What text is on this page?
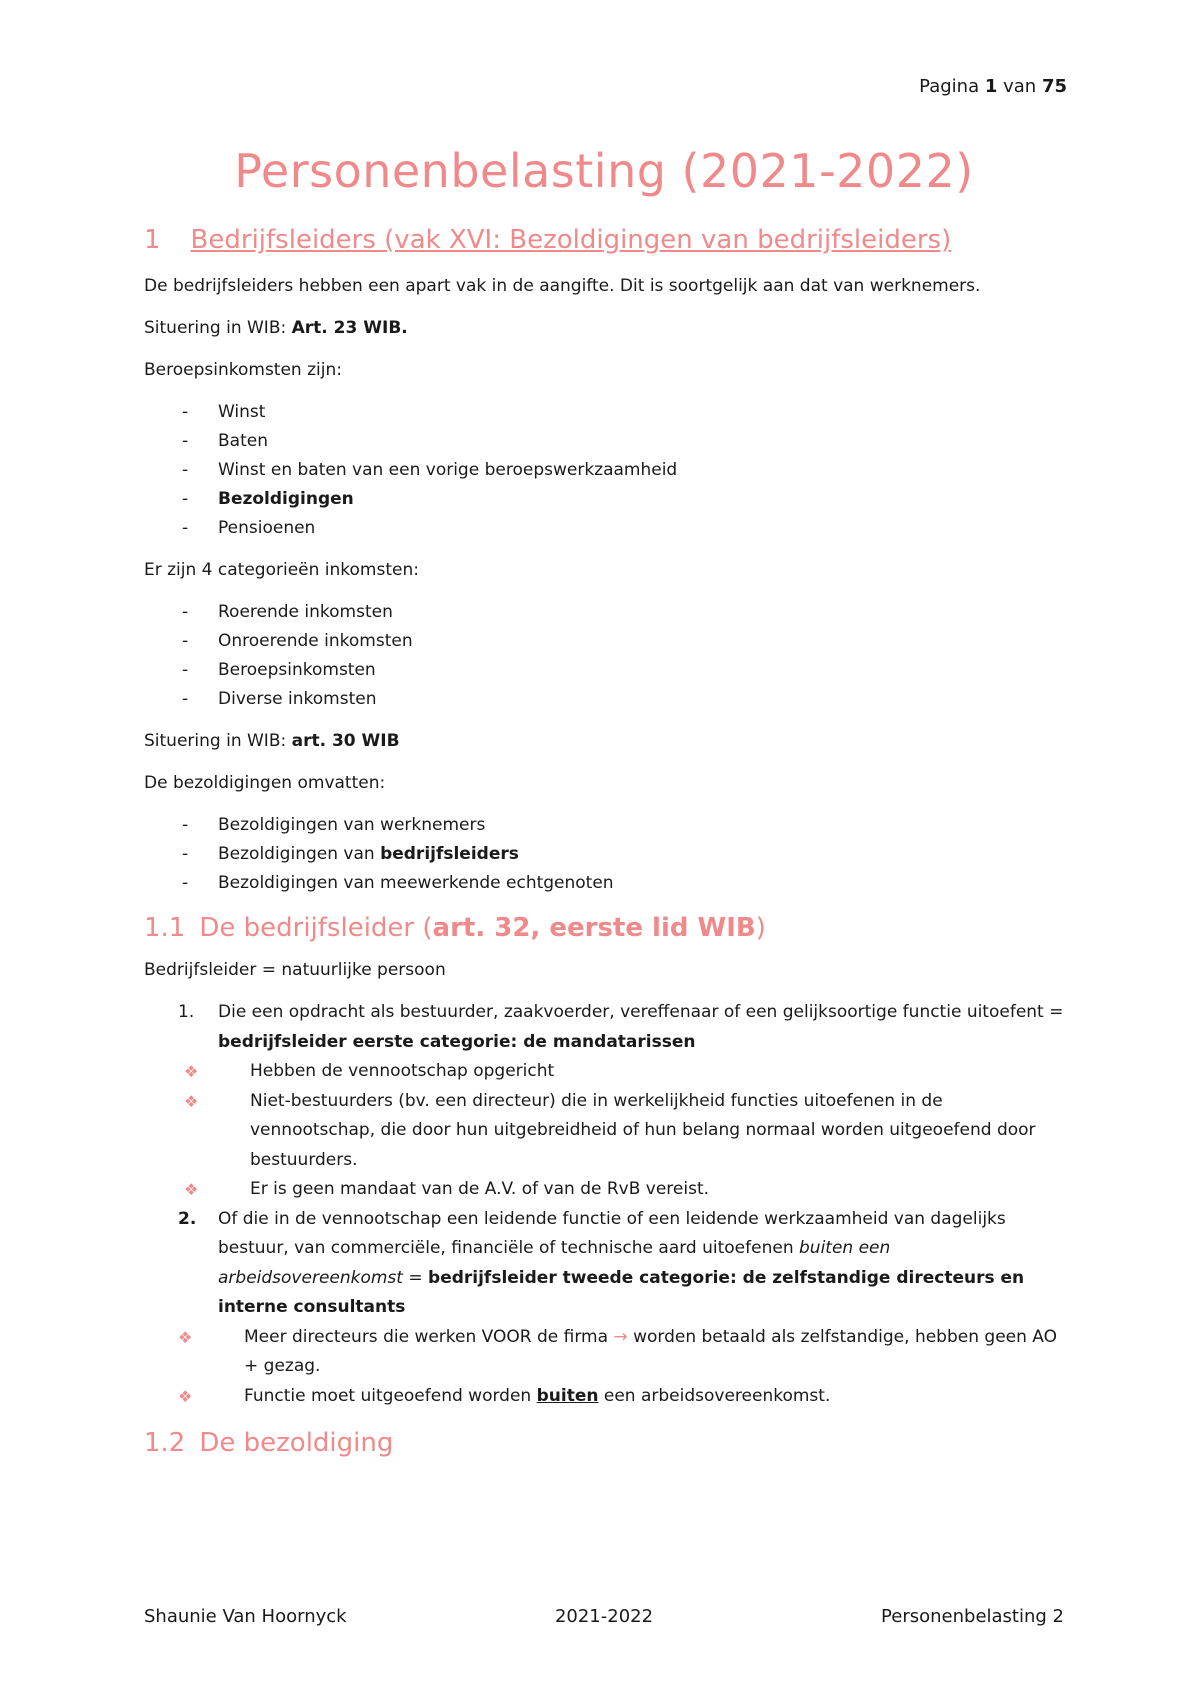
Pagina 1 van 75
Personenbelasting (2021-2022)
1 Bedrijfsleiders (vak XVI: Bezoldigingen van bedrijfsleiders)

De bedrijfsleiders hebben een apart vak in de aangifte. Dit is soortgelijk aan dat van werknemers.

Situering in WIB: Art. 23 WIB.

Beroepsinkomsten zijn:

- Winst
- Baten
- Winst en baten van een vorige beroepswerkzaamheid
- Bezoldigingen
- Pensioenen

Er zijn 4 categorieën inkomsten:

- Roerende inkomsten
- Onroerende inkomsten
- Beroepsinkomsten
- Diverse inkomsten

Situering in WIB: art. 30 WIB

De bezoldigingen omvatten:

- Bezoldigingen van werknemers
- Bezoldigingen van bedrijfsleiders
- Bezoldigingen van meewerkende echtgenoten
1.1 De bedrijfsleider (art. 32, eerste lid WIB)

Bedrijfsleider = natuurlijke persoon

1. Die een opdracht als bestuurder, zaakvoerder, vereffenaar of een gelijksoortige functie uitoefent = bedrijfsleider eerste categorie: de mandatarissen
❖	Hebben de vennootschap opgericht
❖	Niet-bestuurders (bv. een directeur) die in werkelijkheid functies uitoefenen in de vennootschap, die door hun uitgebreidheid of hun belang normaal worden uitgeoefend door bestuurders.
❖	Er is geen mandaat van de A.V. of van de RvB vereist.
2. Of die in de vennootschap een leidende functie of een leidende werkzaamheid van dagelijks bestuur, van commerciële, financiële of technische aard uitoefenen buiten een arbeidsovereenkomst = bedrijfsleider tweede categorie: de zelfstandige directeurs en interne consultants
❖	Meer directeurs die werken VOOR de firma → worden betaald als zelfstandige, hebben geen AO + gezag.
❖	Functie moet uitgeoefend worden buiten een arbeidsovereenkomst.
1.2 De bezoldiging
Shaunie Van Hoornyck	2021-2022	Personenbelasting 2
